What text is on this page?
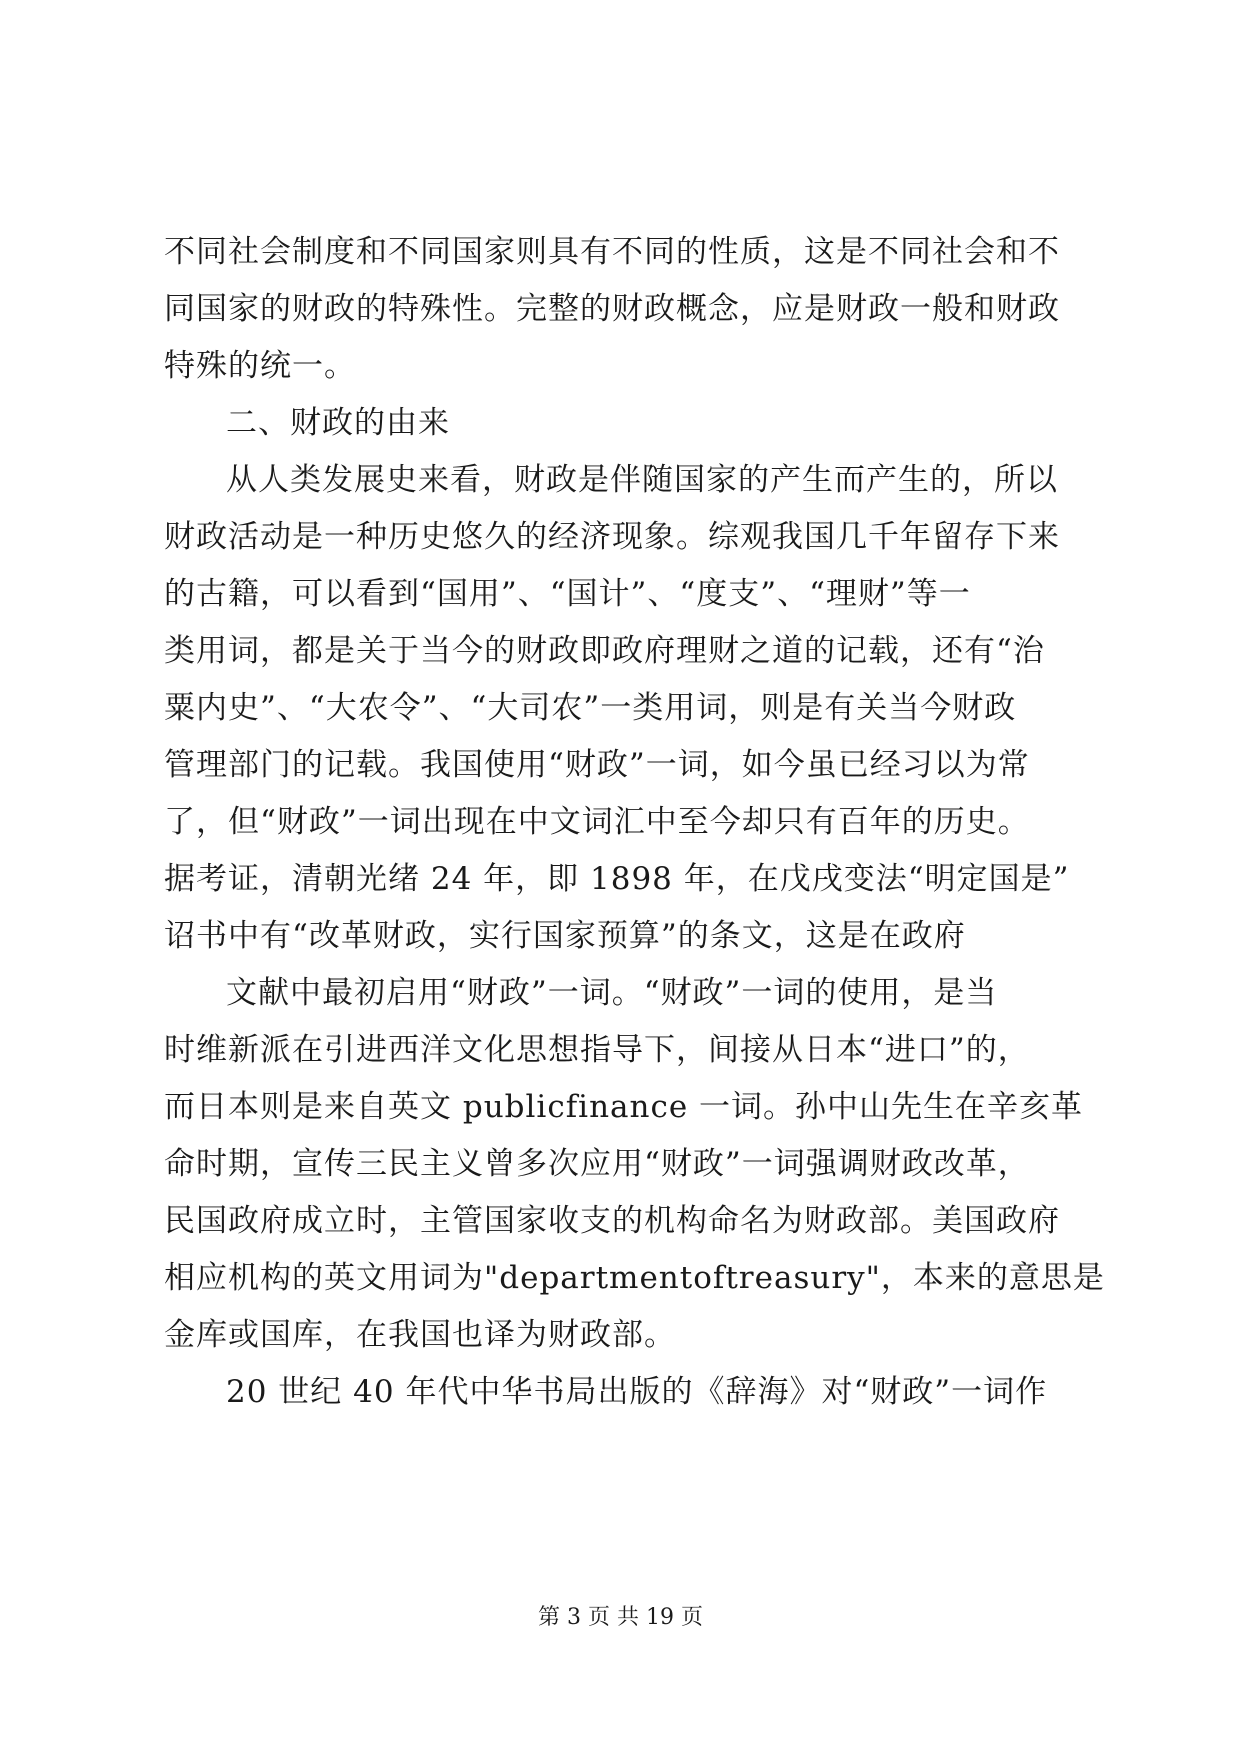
不同社会制度和不同国家则具有不同的性质，这是不同社会和不
同国家的财政的特殊性。完整的财政概念，应是财政一般和财政
特殊的统一。
二、财政的由来
从人类发展史来看，财政是伴随国家的产生而产生的，所以
财政活动是一种历史悠久的经济现象。综观我国几千年留存下来
的古籍，可以看到“国用”、“国计”、“度支”、“理财”等一
类用词，都是关于当今的财政即政府理财之道的记载，还有“治
粟内史”、“大农令”、“大司农”一类用词，则是有关当今财政
管理部门的记载。我国使用“财政”一词，如今虽已经习以为常
了，但“财政”一词出现在中文词汇中至今却只有百年的历史。
据考证，清朝光绪 24 年，即 1898 年，在戊戌变法“明定国是”
诏书中有“改革财政，实行国家预算”的条文，这是在政府
文献中最初启用“财政”一词。“财政”一词的使用，是当
时维新派在引进西洋文化思想指导下，间接从日本“进口”的，
而日本则是来自英文 publicfinance 一词。孙中山先生在辛亥革
命时期，宣传三民主义曾多次应用“财政”一词强调财政改革，
民国政府成立时，主管国家收支的机构命名为财政部。美国政府
相应机构的英文用词为"departmentoftreasury"，本来的意思是
金库或国库，在我国也译为财政部。
20 世纪 40 年代中华书局出版的《辞海》对“财政”一词作
第 3 页 共 19 页
